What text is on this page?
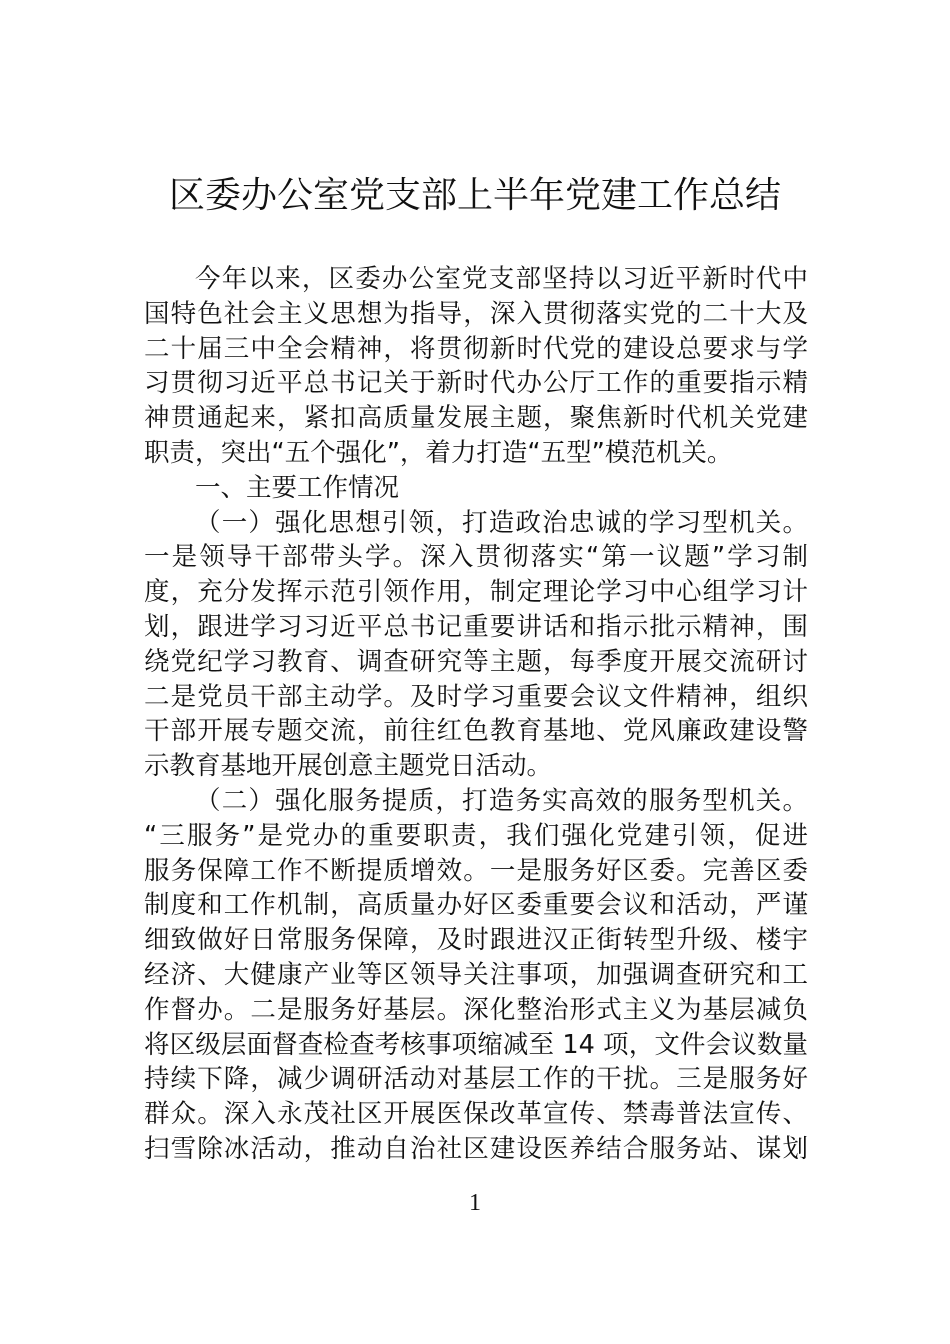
区委办公室党支部上半年党建工作总结
今年以来，区委办公室党支部坚持以习近平新时代中
国特色社会主义思想为指导，深入贯彻落实党的二十大及
二十届三中全会精神，将贯彻新时代党的建设总要求与学
习贯彻习近平总书记关于新时代办公厅工作的重要指示精
神贯通起来，紧扣高质量发展主题，聚焦新时代机关党建
职责，突出“五个强化”，着力打造“五型”模范机关。
一、主要工作情况
（一）强化思想引领，打造政治忠诚的学习型机关。
一是领导干部带头学。深入贯彻落实“第一议题”学习制
度，充分发挥示范引领作用，制定理论学习中心组学习计
划，跟进学习习近平总书记重要讲话和指示批示精神，围
绕党纪学习教育、调查研究等主题，每季度开展交流研讨
二是党员干部主动学。及时学习重要会议文件精神，组织
干部开展专题交流，前往红色教育基地、党风廉政建设警
示教育基地开展创意主题党日活动。
（二）强化服务提质，打造务实高效的服务型机关。
“三服务”是党办的重要职责，我们强化党建引领，促进
服务保障工作不断提质增效。一是服务好区委。完善区委
制度和工作机制，高质量办好区委重要会议和活动，严谨
细致做好日常服务保障，及时跟进汉正街转型升级、楼宇
经济、大健康产业等区领导关注事项，加强调查研究和工
作督办。二是服务好基层。深化整治形式主义为基层减负
将区级层面督查检查考核事项缩减至 14 项，文件会议数量
持续下降，减少调研活动对基层工作的干扰。三是服务好
群众。深入永茂社区开展医保改革宣传、禁毒普法宣传、
扫雪除冰活动，推动自治社区建设医养结合服务站、谋划
1
